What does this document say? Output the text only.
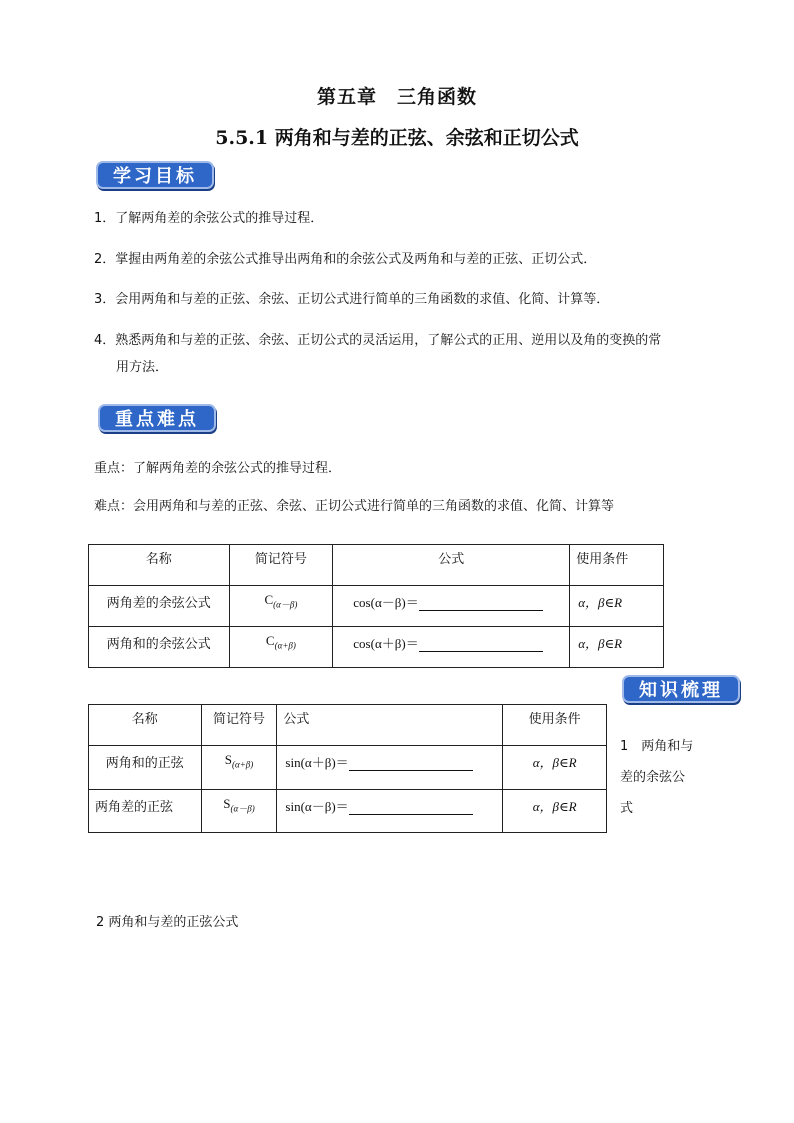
第五章　三角函数
5.5.1 两角和与差的正弦、余弦和正切公式
学习目标
1．了解两角差的余弦公式的推导过程．
2．掌握由两角差的余弦公式推导出两角和的余弦公式及两角和与差的正弦、正切公式．
3．会用两角和与差的正弦、余弦、正切公式进行简单的三角函数的求值、化简、计算等．
4．熟悉两角和与差的正弦、余弦、正切公式的灵活运用，了解公式的正用、逆用以及角的变换的常
用方法．
重点难点
重点：了解两角差的余弦公式的推导过程．
难点：会用两角和与差的正弦、余弦、正切公式进行简单的三角函数的求值、化简、计算等
名称	简记符号	公式	使用条件
两角差的余弦公式	$C_{(\alpha-\beta)}$	cos(α－β)＝	α，β∈R
两角和的余弦公式	$C_{(\alpha+\beta)}$	cos(α＋β)＝	α，β∈R
知识梳理
1　两角和与
差的余弦公
式
名称	简记符号	公式	使用条件
两角和的正弦	$S_{(\alpha+\beta)}$	sin(α＋β)＝	α，β∈R
两角差的正弦	$S_{(\alpha-\beta)}$	sin(α－β)＝	α，β∈R
2 两角和与差的正弦公式
